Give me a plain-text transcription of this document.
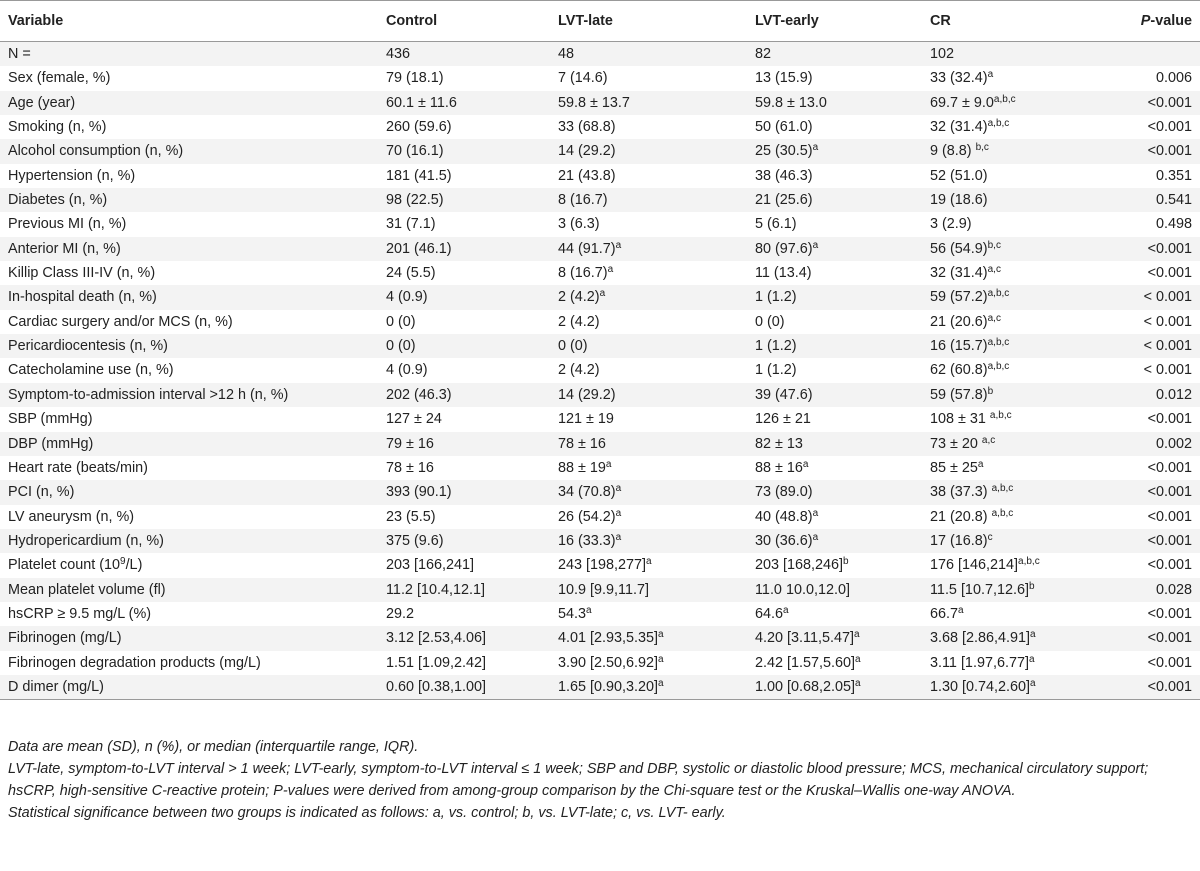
Variable	Control	LVT-late	LVT-early	CR	P-value
N =	436	48	82	102	
Sex (female, %)	79 (18.1)	7 (14.6)	13 (15.9)	33 $(32.4)^a$	0.006
Age (year)	60.1 ± 11.6	59.8 ± 13.7	59.8 ± 13.0	$69.7 \pm 9.0^{a,b,c}$	<0.001
Smoking (n, %)	260 (59.6)	33 (68.8)	50 (61.0)	32 $(31.4)^{a,b,c}$	<0.001
Alcohol consumption (n, %)	70 (16.1)	14 (29.2)	25 $(30.5)^a$	9 (8.8) $^{b,c}$	<0.001
Hypertension (n, %)	181 (41.5)	21 (43.8)	38 (46.3)	52 (51.0)	0.351
Diabetes (n, %)	98 (22.5)	8 (16.7)	21 (25.6)	19 (18.6)	0.541
Previous MI (n, %)	31 (7.1)	3 (6.3)	5 (6.1)	3 (2.9)	0.498
Anterior MI (n, %)	201 (46.1)	44 $(91.7)^a$	80 $(97.6)^a$	56 $(54.9)^{b,c}$	<0.001
Killip Class III-IV (n, %)	24 (5.5)	8 $(16.7)^a$	11 (13.4)	32 $(31.4)^{a,c}$	<0.001
In-hospital death (n, %)	4 (0.9)	2 $(4.2)^a$	1 (1.2)	59 $(57.2)^{a,b,c}$	< 0.001
Cardiac surgery and/or MCS (n, %)	0 (0)	2 (4.2)	0 (0)	21 $(20.6)^{a,c}$	< 0.001
Pericardiocentesis (n, %)	0 (0)	0 (0)	1 (1.2)	16 $(15.7)^{a,b,c}$	< 0.001
Catecholamine use (n, %)	4 (0.9)	2 (4.2)	1 (1.2)	62 $(60.8)^{a,b,c}$	< 0.001
Symptom-to-admission interval >12 h (n, %)	202 (46.3)	14 (29.2)	39 (47.6)	59 $(57.8)^b$	0.012
SBP (mmHg)	127 ± 24	121 ± 19	126 ± 21	108 ± 31 $^{a,b,c}$	<0.001
DBP (mmHg)	79 ± 16	78 ± 16	82 ± 13	73 ± 20 $^{a,c}$	0.002
Heart rate (beats/min)	78 ± 16	$88 \pm 19^a$	$88 \pm 16^a$	$85 \pm 25^a$	<0.001
PCI (n, %)	393 (90.1)	34 $(70.8)^a$	73 (89.0)	38 (37.3) $^{a,b,c}$	<0.001
LV aneurysm (n, %)	23 (5.5)	26 $(54.2)^a$	40 $(48.8)^a$	21 (20.8) $^{a,b,c}$	<0.001
Hydropericardium (n, %)	375 (9.6)	16 $(33.3)^a$	30 $(36.6)^a$	17 $(16.8)^c$	<0.001
Platelet count $(10^9/L)$	203 [166,241]	243 $[198,277]^a$	203 $[168,246]^b$	176 $[146,214]^{a,b,c}$	<0.001
Mean platelet volume (fl)	11.2 [10.4,12.1]	10.9 [9.9,11.7]	11.0 10.0,12.0]	11.5 $[10.7,12.6]^b$	0.028
hsCRP ≥ 9.5 mg/L (%)	29.2	54.3$^a$	64.6$^a$	66.7$^a$	<0.001
Fibrinogen (mg/L)	3.12 [2.53,4.06]	4.01 $[2.93,5.35]^a$	4.20 $[3.11,5.47]^a$	3.68 $[2.86,4.91]^a$	<0.001
Fibrinogen degradation products (mg/L)	1.51 [1.09,2.42]	3.90 $[2.50,6.92]^a$	2.42 $[1.57,5.60]^a$	3.11 $[1.97,6.77]^a$	<0.001
D dimer (mg/L)	0.60 [0.38,1.00]	1.65 $[0.90,3.20]^a$	1.00 $[0.68,2.05]^a$	1.30 $[0.74,2.60]^a$	<0.001

Data are mean (SD), n (%), or median (interquartile range, IQR).

LVT-late, symptom-to-LVT interval > 1 week; LVT-early, symptom-to-LVT interval ≤ 1 week; SBP and DBP, systolic or diastolic blood pressure; MCS, mechanical circulatory support; hsCRP, high-sensitive C-reactive protein; P-values were derived from among-group comparison by the Chi-square test or the Kruskal–Wallis one-way ANOVA.

Statistical significance between two groups is indicated as follows: a, vs. control; b, vs. LVT-late; c, vs. LVT- early.
